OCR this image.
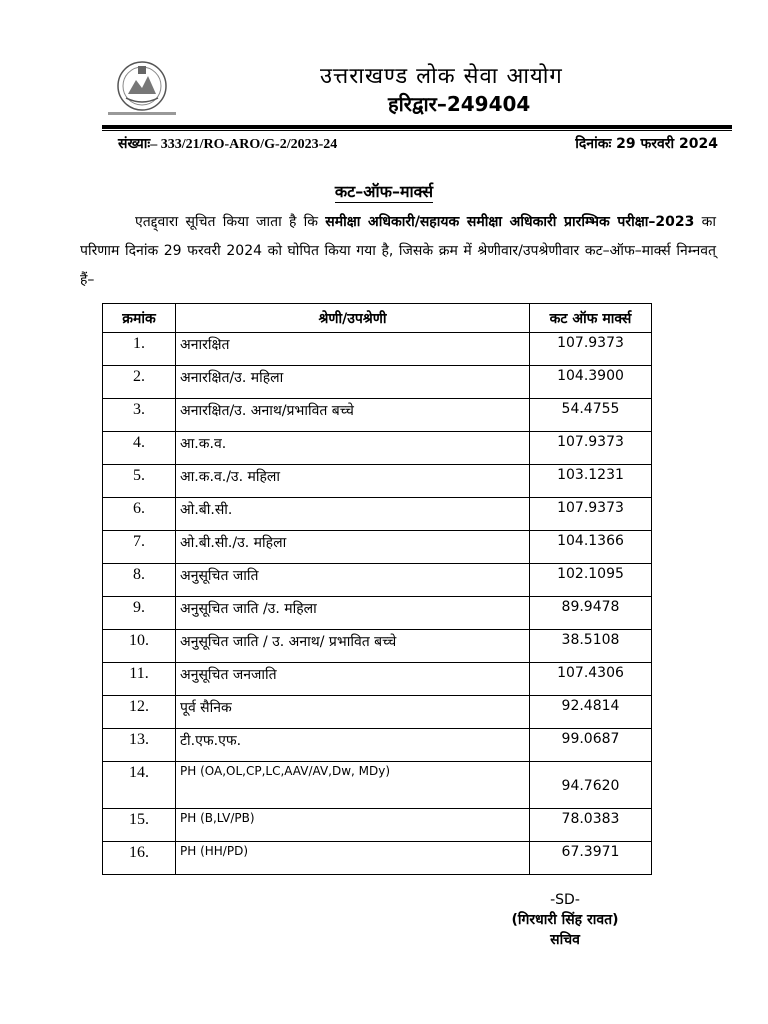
उत्तराखण्ड लोक सेवा आयोग
हरिद्वार–249404
संख्याः– 333/21/RO-ARO/G-2/2023-24	दिनांकः 29 फरवरी 2024
कट–ऑफ–मार्क्स
एतद्द्वारा सूचित किया जाता है कि समीक्षा अधिकारी/सहायक समीक्षा अधिकारी प्रारम्भिक परीक्षा–2023 का परिणाम दिनांक 29 फरवरी 2024 को घोपित किया गया है, जिसके क्रम में श्रेणीवार/उपश्रेणीवार कट–ऑफ–मार्क्स निम्नवत् हैं–
क्रमांक	श्रेणी/उपश्रेणी	कट ऑफ मार्क्स
1.	अनारक्षित	107.9373
2.	अनारक्षित/उ. महिला	104.3900
3.	अनारक्षित/उ. अनाथ/प्रभावित बच्चे	54.4755
4.	आ.क.व.	107.9373
5.	आ.क.व./उ. महिला	103.1231
6.	ओ.बी.सी.	107.9373
7.	ओ.बी.सी./उ. महिला	104.1366
8.	अनुसूचित जाति	102.1095
9.	अनुसूचित जाति /उ. महिला	89.9478
10.	अनुसूचित जाति / उ. अनाथ/ प्रभावित बच्चे	38.5108
11.	अनुसूचित जनजाति	107.4306
12.	पूर्व सैनिक	92.4814
13.	टी.एफ.एफ.	99.0687
14.	PH (OA,OL,CP,LC,AAV/AV,Dw, MDy)	94.7620
15.	PH (B,LV/PB)	78.0383
16.	PH (HH/PD)	67.3971
-SD-
(गिरधारी सिंह रावत)
सचिव
